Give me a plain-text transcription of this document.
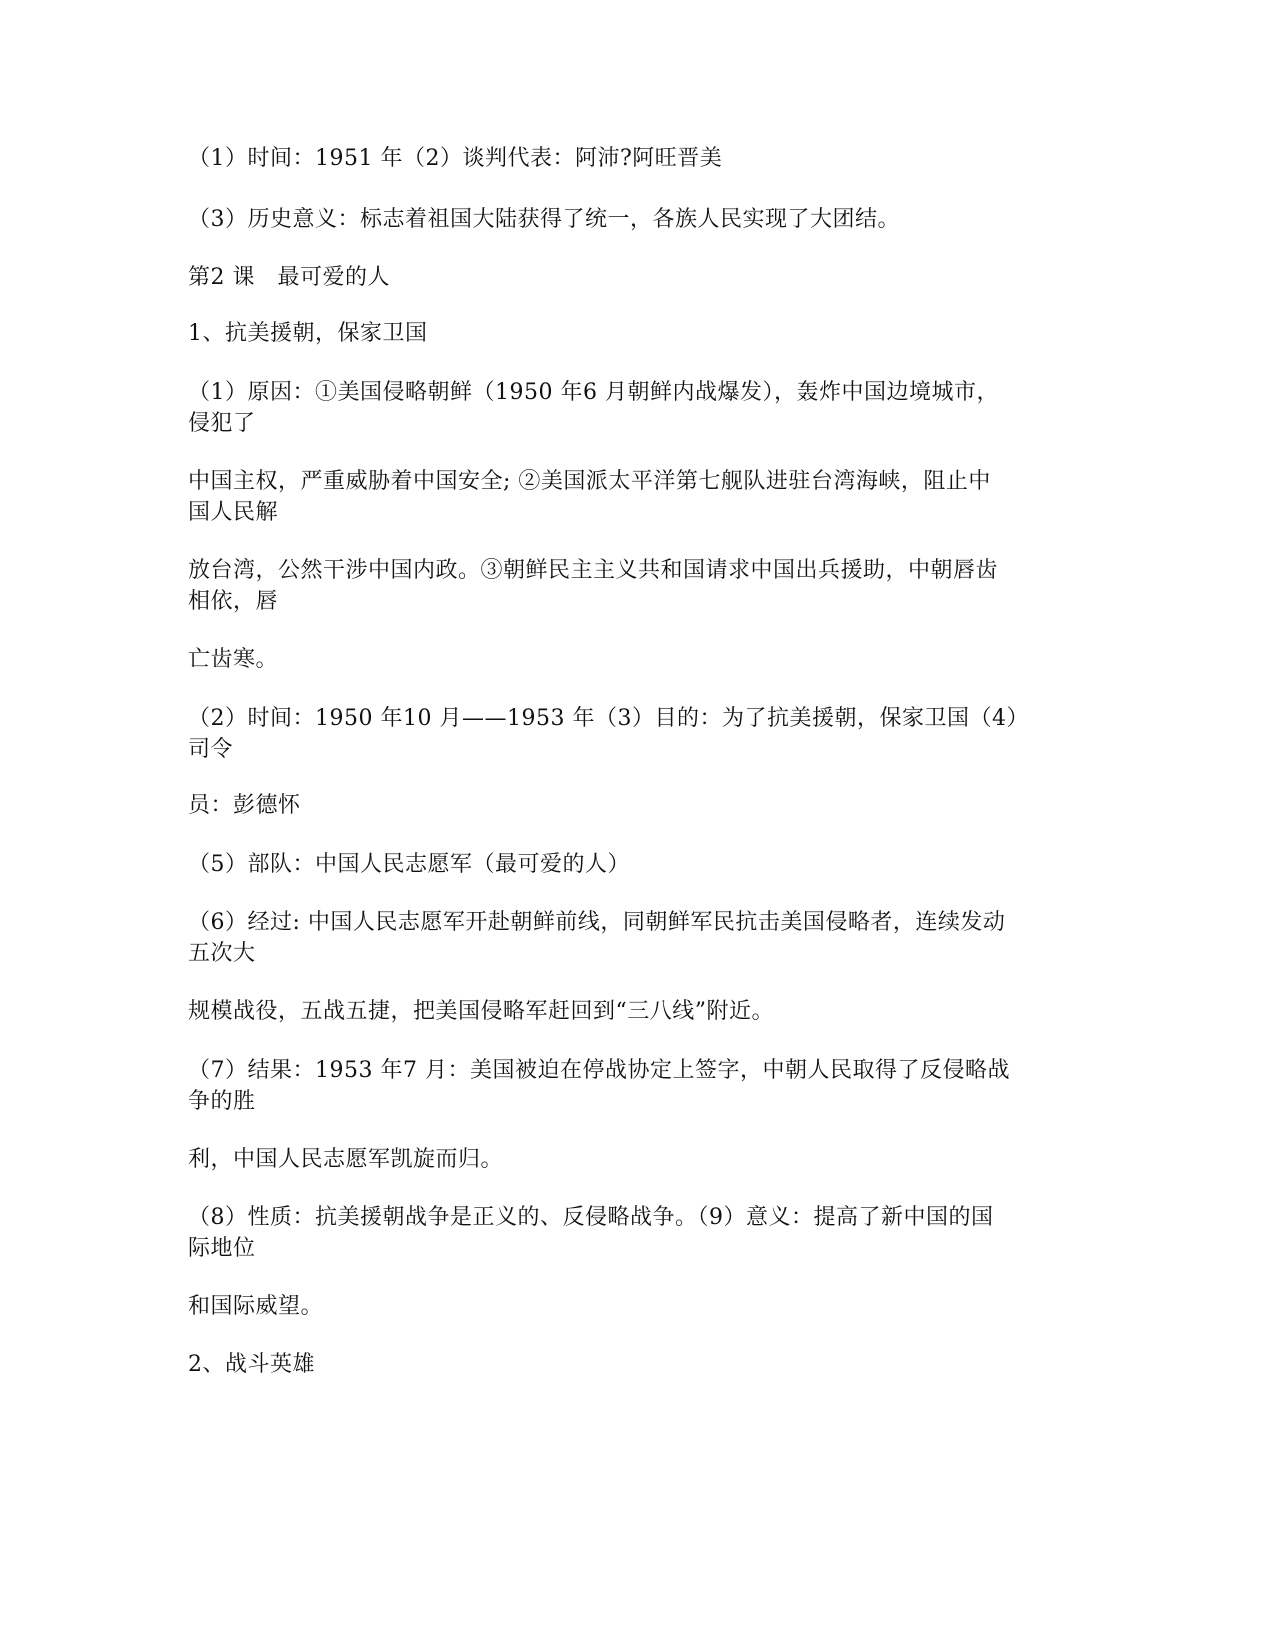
（1）时间：1951 年（2）谈判代表：阿沛?阿旺晋美
（3）历史意义：标志着祖国大陆获得了统一，各族人民实现了大团结。
第2 课　最可爱的人
1、抗美援朝，保家卫国
（1）原因：①美国侵略朝鲜（1950 年6 月朝鲜内战爆发），轰炸中国边境城市，
侵犯了
中国主权，严重威胁着中国安全; ②美国派太平洋第七舰队进驻台湾海峡，阻止中
国人民解
放台湾，公然干涉中国内政。③朝鲜民主主义共和国请求中国出兵援助，中朝唇齿
相依，唇
亡齿寒。
（2）时间：1950 年10 月——1953 年（3）目的：为了抗美援朝，保家卫国（4）
司令
员：彭德怀
（5）部队：中国人民志愿军（最可爱的人）
（6）经过: 中国人民志愿军开赴朝鲜前线，同朝鲜军民抗击美国侵略者，连续发动
五次大
规模战役，五战五捷，把美国侵略军赶回到“三八线”附近。
（7）结果：1953 年7 月：美国被迫在停战协定上签字，中朝人民取得了反侵略战
争的胜
利，中国人民志愿军凯旋而归。
（8）性质：抗美援朝战争是正义的、反侵略战争。（9）意义：提高了新中国的国
际地位
和国际威望。
2、战斗英雄
